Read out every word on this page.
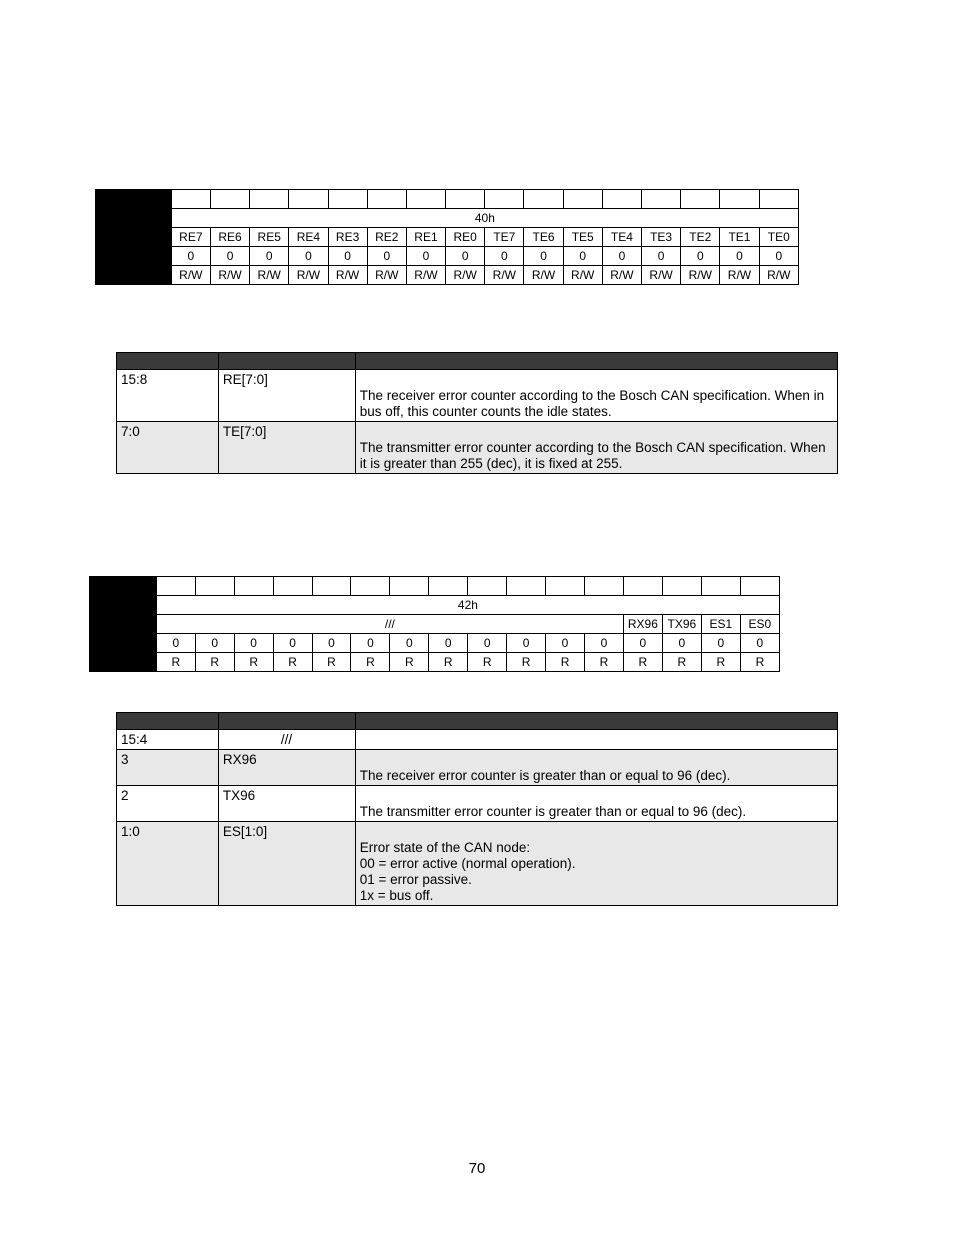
	40h															
	RE7	RE6	RE5	RE4	RE3	RE2	RE1	RE0	TE7	TE6	TE5	TE4	TE3	TE2	TE1	TE0
	0	0	0	0	0	0	0	0	0	0	0	0	0	0	0	0
	R/W	R/W	R/W	R/W	R/W	R/W	R/W	R/W	R/W	R/W	R/W	R/W	R/W	R/W	R/W	R/W

15:8	RE[7:0]	The receiver error counter according to the Bosch CAN specification. When in bus off, this counter counts the idle states.

7:0	TE[7:0]	The transmitter error counter according to the Bosch CAN specification. When it is greater than 255 (dec), it is fixed at 255.

	42h															
	///												RX96	TX96	ES1	ES0
	0	0	0	0	0	0	0	0	0	0	0	0	0	0	0	0
	R	R	R	R	R	R	R	R	R	R	R	R	R	R	R	R

15:4	///	
3	RX96	The receiver error counter is greater than or equal to 96 (dec).

2	TX96	The transmitter error counter is greater than or equal to 96 (dec).

1:0	ES[1:0]	Error state of the CAN node:
00 = error active (normal operation).
01 = error passive.
1x = bus off.
70
